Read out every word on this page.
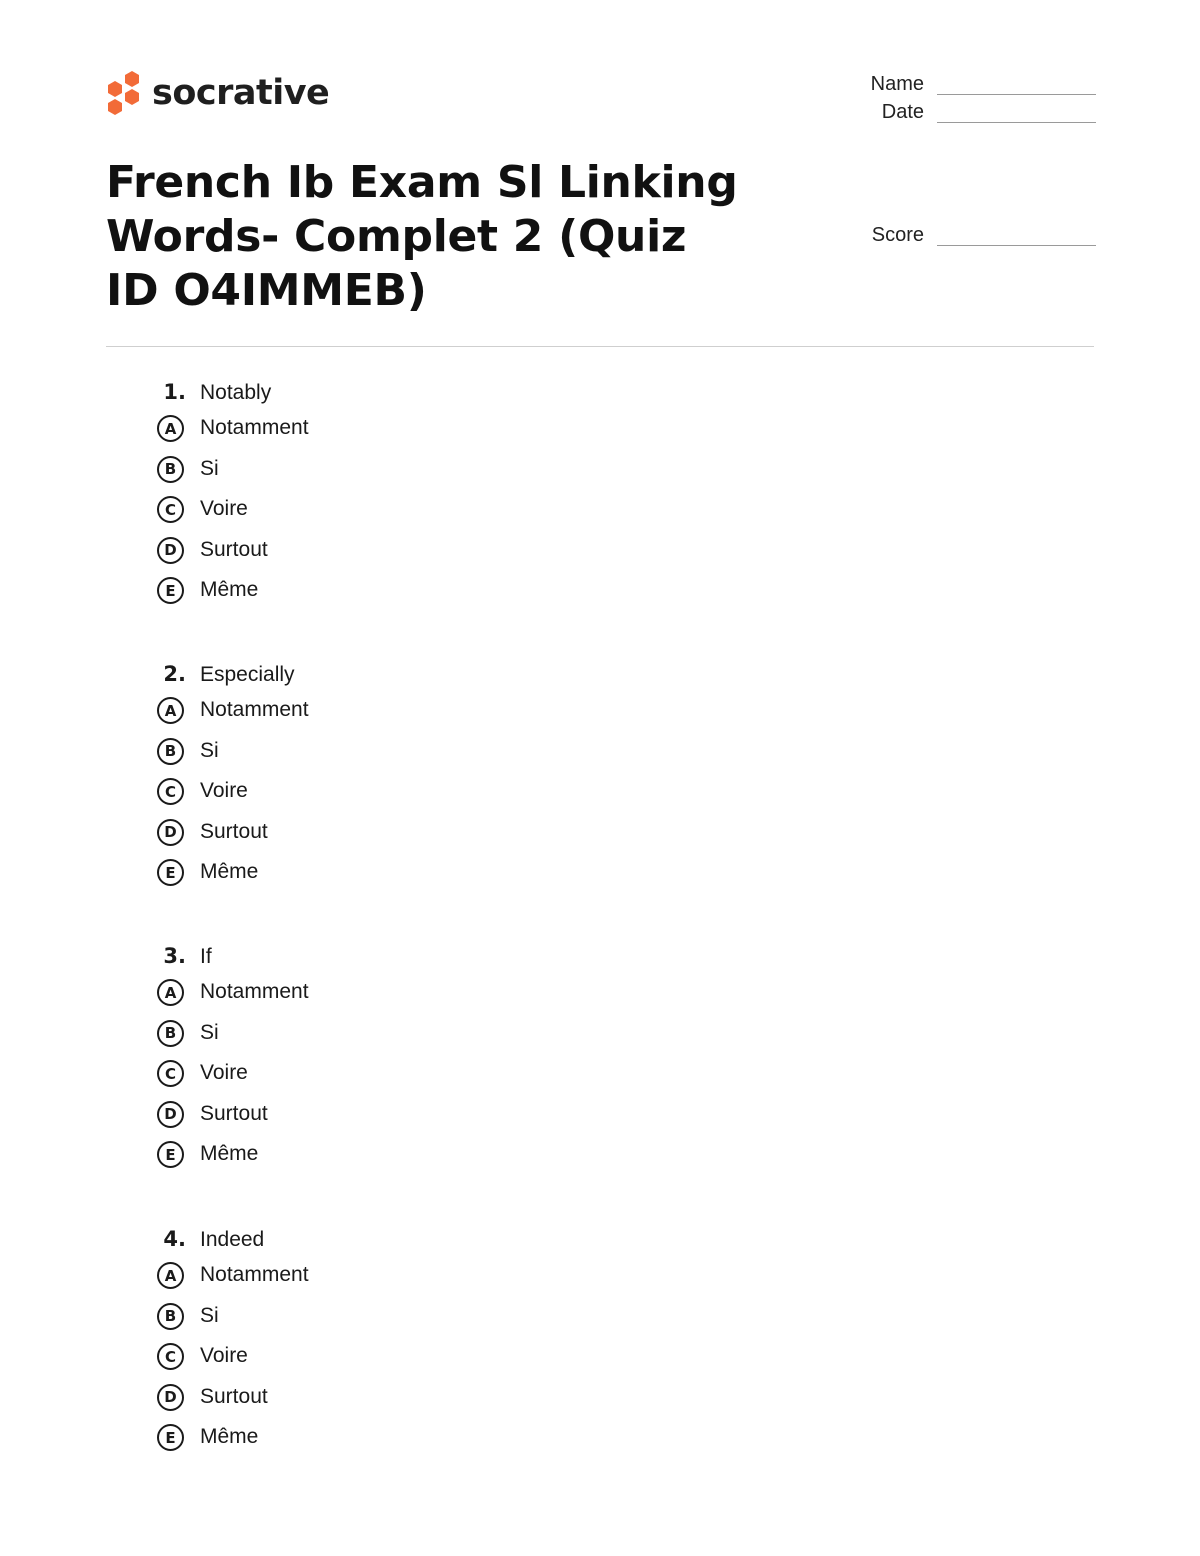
socrative	Name
Date
Score
French Ib Exam Sl Linking Words- Complet 2 (Quiz ID O4IMMEB)
1. Notably
A	Notamment
B	Si
C	Voire
D	Surtout
E	Même
2. Especially
A	Notamment
B	Si
C	Voire
D	Surtout
E	Même
3. If
A	Notamment
B	Si
C	Voire
D	Surtout
E	Même
4. Indeed
A	Notamment
B	Si
C	Voire
D	Surtout
E	Même
